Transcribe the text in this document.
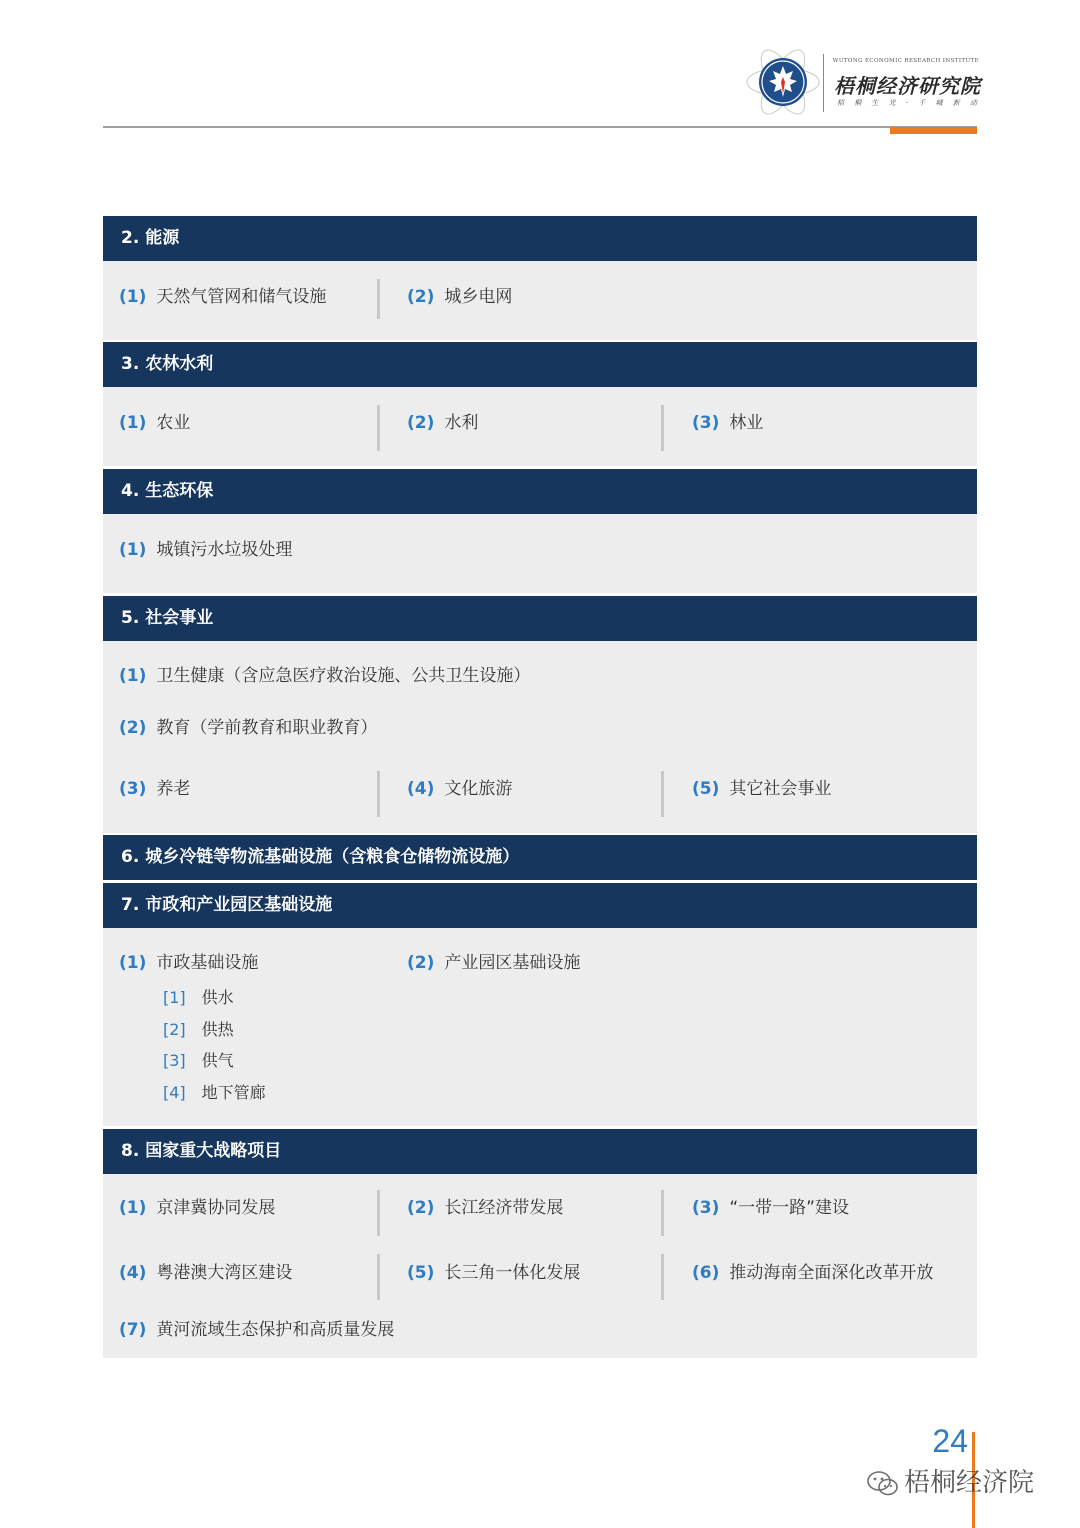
WUTONG ECONOMIC RESEARCH INSTITUTE
梧桐经济研究院
梧 桐 生 光 · 千 城 新 动
2. 能源
(1) 天然气管网和储气设施	(2) 城乡电网
3. 农林水利
(1) 农业	(2) 水利	(3) 林业
4. 生态环保
(1) 城镇污水垃圾处理
5. 社会事业
(1) 卫生健康（含应急医疗救治设施、公共卫生设施）
(2) 教育（学前教育和职业教育）
(3) 养老	(4) 文化旅游	(5) 其它社会事业
6. 城乡冷链等物流基础设施（含粮食仓储物流设施）
7. 市政和产业园区基础设施
(1) 市政基础设施	(2) 产业园区基础设施
[1] 供水
[2] 供热
[3] 供气
[4] 地下管廊
8. 国家重大战略项目
(1) 京津冀协同发展	(2) 长江经济带发展	(3) “一带一路”建设
(4) 粤港澳大湾区建设	(5) 长三角一体化发展	(6) 推动海南全面深化改革开放
(7) 黄河流域生态保护和高质量发展
24
梧桐经济院
